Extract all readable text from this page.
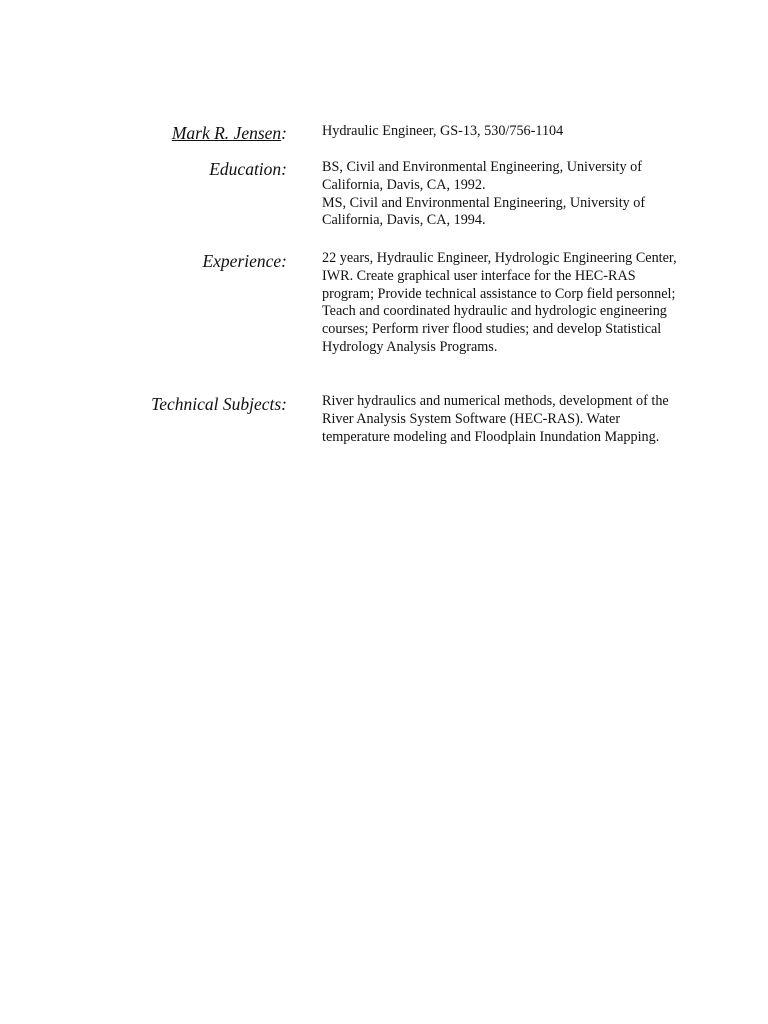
Mark R. Jensen: Hydraulic Engineer, GS-13, 530/756-1104

Education: BS, Civil and Environmental Engineering, University of California, Davis, CA, 1992.

MS, Civil and Environmental Engineering, University of California, Davis, CA, 1994.

Experience: 22 years, Hydraulic Engineer, Hydrologic Engineering Center, IWR. Create graphical user interface for the HEC-RAS program; Provide technical assistance to Corp field personnel; Teach and coordinated hydraulic and hydrologic engineering courses; Perform river flood studies; and develop Statistical Hydrology Analysis Programs.

Technical Subjects: River hydraulics and numerical methods, development of the River Analysis System Software (HEC-RAS). Water temperature modeling and Floodplain Inundation Mapping.
